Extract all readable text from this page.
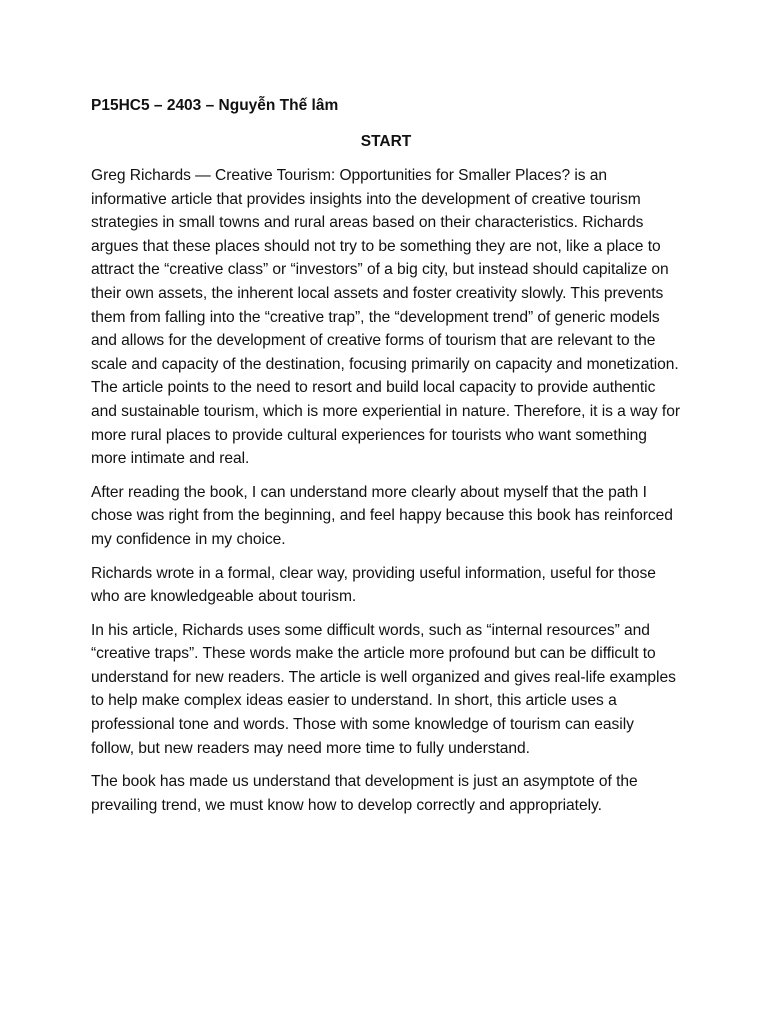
P15HC5 – 2403 – Nguyễn Thế lâm
START

Greg Richards — Creative Tourism: Opportunities for Smaller Places? is an informative article that provides insights into the development of creative tourism strategies in small towns and rural areas based on their characteristics. Richards argues that these places should not try to be something they are not, like a place to attract the “creative class” or “investors” of a big city, but instead should capitalize on their own assets, the inherent local assets and foster creativity slowly. This prevents them from falling into the “creative trap”, the “development trend” of generic models and allows for the development of creative forms of tourism that are relevant to the scale and capacity of the destination, focusing primarily on capacity and monetization. The article points to the need to resort and build local capacity to provide authentic and sustainable tourism, which is more experiential in nature. Therefore, it is a way for more rural places to provide cultural experiences for tourists who want something more intimate and real.

After reading the book, I can understand more clearly about myself that the path I chose was right from the beginning, and feel happy because this book has reinforced my confidence in my choice.

Richards wrote in a formal, clear way, providing useful information, useful for those who are knowledgeable about tourism.

In his article, Richards uses some difficult words, such as “internal resources” and “creative traps”. These words make the article more profound but can be difficult to understand for new readers. The article is well organized and gives real-life examples to help make complex ideas easier to understand. In short, this article uses a professional tone and words. Those with some knowledge of tourism can easily follow, but new readers may need more time to fully understand.

The book has made us understand that development is just an asymptote of the prevailing trend, we must know how to develop correctly and appropriately.
